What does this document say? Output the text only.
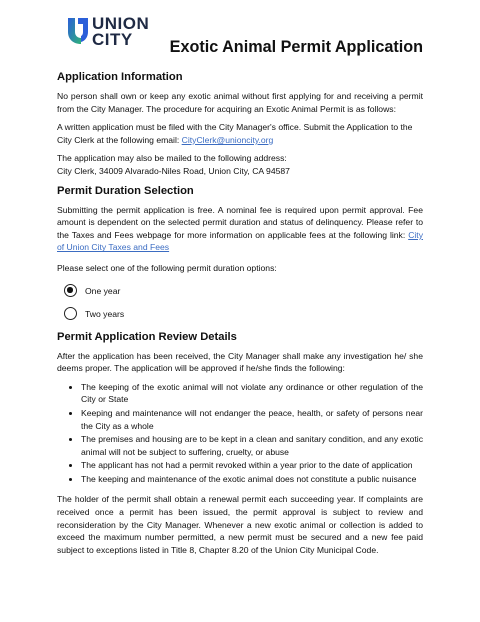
UNION
CITY	Exotic Animal Permit Application
Application Information

No person shall own or keep any exotic animal without first applying for and receiving a permit from the City Manager. The procedure for acquiring an Exotic Animal Permit is as follows:

A written application must be filed with the City Manager's office. Submit the Application to the City Clerk at the following email: CityClerk@unioncity.org

The application may also be mailed to the following address:
City Clerk, 34009 Alvarado-Niles Road, Union City, CA 94587

Permit Duration Selection

Submitting the permit application is free. A nominal fee is required upon permit approval. Fee amount is dependent on the selected permit duration and status of delinquency. Please refer to the Taxes and Fees webpage for more information on applicable fees at the following link: City of Union City Taxes and Fees

Please select one of the following permit duration options:

One year
Two years
Permit Application Review Details

After the application has been received, the City Manager shall make any investigation he/ she deems proper. The application will be approved if he/she finds the following:

• The keeping of the exotic animal will not violate any ordinance or other regulation of the City or State
• Keeping and maintenance will not endanger the peace, health, or safety of persons near the City as a whole
• The premises and housing are to be kept in a clean and sanitary condition, and any exotic animal will not be subject to suffering, cruelty, or abuse
• The applicant has not had a permit revoked within a year prior to the date of application
• The keeping and maintenance of the exotic animal does not constitute a public nuisance

The holder of the permit shall obtain a renewal permit each succeeding year. If complaints are received once a permit has been issued, the permit approval is subject to review and reconsideration by the City Manager. Whenever a new exotic animal or collection is added to exceed the maximum number permitted, a new permit must be secured and a new fee paid subject to exceptions listed in Title 8, Chapter 8.20 of the Union City Municipal Code.
